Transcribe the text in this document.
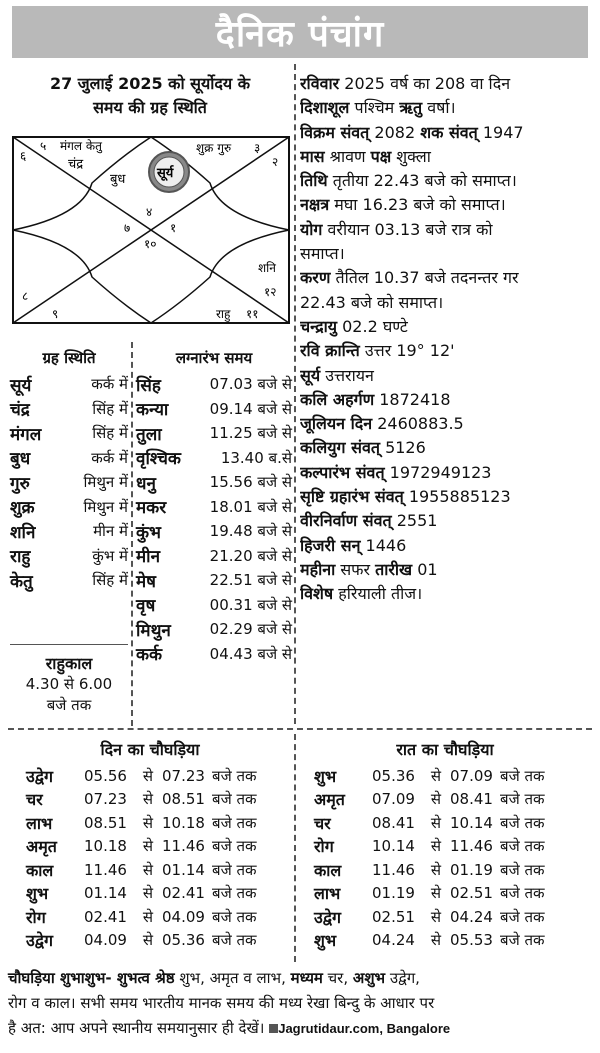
दैनिक पंचांग
27 जुलाई 2025 को सूर्योदय के
समय की ग्रह स्थिति
६
५ मंगल केतु
चंद्र
शुक्र गुरु ३
२
बुध सूर्य
४
७	१
१०
शनि
८	१२
९	राहु ११
ग्रह स्थिति
सूर्य	कर्क में
चंद्र	सिंह में
मंगल	सिंह में
बुध	कर्क में
गुरु	मिथुन में
शुक्र	मिथुन में
शनि	मीन में
राहु	कुंभ में
केतु	सिंह में
राहुकाल
4.30 से 6.00
बजे तक
लग्नारंभ समय
सिंह	07.03 बजे से
कन्या	09.14 बजे से
तुला	11.25 बजे से
वृश्चिक	13.40 ब.से
धनु	15.56 बजे से
मकर	18.01 बजे से
कुंभ	19.48 बजे से
मीन	21.20 बजे से
मेष	22.51 बजे से
वृष	00.31 बजे से
मिथुन	02.29 बजे से
कर्क	04.43 बजे से
रविवार 2025 वर्ष का 208 वा दिन
दिशाशूल पश्चिम ऋतु वर्षा।
विक्रम संवत् 2082 शक संवत् 1947
मास श्रावण पक्ष शुक्ला
तिथि तृतीया 22.43 बजे को समाप्त।
नक्षत्र मघा 16.23 बजे को समाप्त।
योग वरीयान 03.13 बजे रात्र को
समाप्त।
करण तैतिल 10.37 बजे तदनन्तर गर
22.43 बजे को समाप्त।
चन्द्रायु 02.2 घण्टे
रवि क्रान्ति उत्तर 19° 12'
सूर्य उत्तरायन
कलि अहर्गण 1872418
जूलियन दिन 2460883.5
कलियुग संवत् 5126
कल्पारंभ संवत् 1972949123
सृष्टि ग्रहारंभ संवत् 1955885123
वीरनिर्वाण संवत् 2551
हिजरी सन् 1446
महीना सफर तारीख 01
विशेष हरियाली तीज।
दिन का चौघड़िया	रात का चौघड़िया
उद्वेग	05.56	से 07.23 बजे तक
चर	07.23	से 08.51 बजे तक
लाभ	08.51	से 10.18 बजे तक
अमृत	10.18	से 11.46 बजे तक
काल	11.46	से 01.14 बजे तक
शुभ	01.14	से 02.41 बजे तक
रोग	02.41	से 04.09 बजे तक
उद्वेग	04.09	से 05.36 बजे तक
शुभ	05.36	से 07.09 बजे तक
अमृत	07.09	से 08.41 बजे तक
चर	08.41	से 10.14 बजे तक
रोग	10.14	से 11.46 बजे तक
काल	11.46	से 01.19 बजे तक
लाभ	01.19	से 02.51 बजे तक
उद्वेग	02.51	से 04.24 बजे तक
शुभ	04.24	से 05.53 बजे तक
चौघड़िया शुभाशुभ- शुभत्व श्रेष्ठ शुभ, अमृत व लाभ, मध्यम चर, अशुभ उद्वेग,
रोग व काल। सभी समय भारतीय मानक समय की मध्य रेखा बिन्दु के आधार पर
है अत: आप अपने स्थानीय समयानुसार ही देखें। Jagrutidaur.com, Bangalore
